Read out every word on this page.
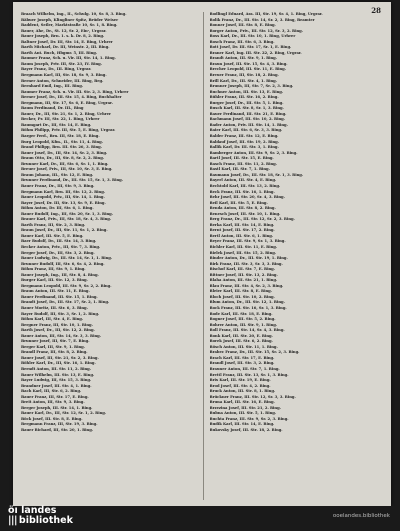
28
Braach Wilhelm, Ing., II., Schulg. 10, Sr. 8, 3. Ring.
Bäbuer Joseph, Klingliner Spitz, Brüder Weiser
Baddent, Seiler, Marktstraße 10, Sr. 1, 8. Ring.
Bauer, Ahe, Dr., St. 12, Sr. 2, Ein-, Urgrar.
Bauer Joseph, Brn. 1. s. k. Dr. 8, 2. Ring.
Baltner Josef, Dr. III, Str. 14, E. Ring, Urhrer
Barth Michael, Dr. III, Weinstr. 2, III. Ring.
Barth Ant. Buch, Hbgmr. 5, III. Ring.
Baumer Franz, Sch. u. Vir. III, Str. 14, 1. Ring.
Baum Joseph, Priv. III, Str. 23, IV. Ring.
Bayer Franz, Dr., III. Ring, Urgrar.
Bergmann Karl, III, Str. 18, Sr. 9, 3. Ring.
Berner Anton, Schneider, III. Ring, Beg.
Bernhard Emil, Ing., III. Ring.
Baumer Franz, Sch. u. Vir. III. Str. 2, 3. Ring, Urhrer
Berner Josef, Dr., III. Str. 15, 4. Ring, Buchhalter
Bergmann, III, Str. 17, Sr. 6, E. Ring, Urgrar.
Baum Ferdinand, Dr. III., Ring
Bauer, Dr., III, Str. 21, Sr. 1, 2. Ring, Urhrer
Becker, Pr. III, Str. 22, 1. Ring, Urhrer
Baumgart Dr., III, Str. 14, E. Ring.
Böhm Philipp, Priv. III, Str. 5, E. Ring, Urgrar.
Barger Ferd., Brn. III, Str. 18, E. Ring.
Burg Leopold, Kfm., II., Str. 11, 4. Ring.
Brand Philipp, Brn. III. Str. 26, 3. Ring.
Bauer Josef, Dr., III, Str. 14, Sr. 2, 3. Ring.
Braun Otto, Dr., III, Str. 8, Sr. 2, 2. Ring.
Brunner Karl, Dr., III, Str. 6, Sr. 1, 1. Ring.
Breuer Josef, Priv., III, Str. 10, Sr. 3, E. Ring.
Braun Johann, III., Str. 12, E. Ring.
Brunner Ferdinand, Dr., III. Str. 15, Sr. 1, 3. Ring.
Bauer Franz, Dr., III, Str. 9, 3. Ring.
Bergmann Karl, Brn. III, Str. 12, 2. Ring.
Bauer Leopold, Priv., III, Str. 14, 1. Ring.
Bayer Josef, Dr. III, Str. 13, Sr. 9, E. Ring.
Böhm Anton, Dr. III, Str. 6, 1. Ring.
Bauer Rudolf, Ing., III, Str. 20, Sr. 1, 3. Ring.
Brauer Karl, Priv., III, Str. 18, Sr. 4, 3. Ring.
Barth Franz, III, Str. 2, 3. Ring.
Braun Josef, Dr., III, Str. 11, Sr. 1, 2. Ring.
Bauer Karl, III. Str. 5, E. Ring.
Baer Rudolf, Dr., III. Str. 14, 3. Ring.
Becker Anton, Priv., III, Str. 7, 3. Ring.
Berger Josef, Dr., III, Str. 3, 2. Ring.
Bauer Ludwig, Dr., III. Str. 14, Sr. 1, 1. Ring.
Brunner Rudolf, III, Str. 6, Sr. 4, 2. Ring.
Böhm Franz, III, Str. 9, 1. Ring.
Bauer Joseph, Ing., III, Str. 8, 4. Ring.
Burger Karl, III. Str. 12, 3. Ring.
Bergmann Leopold, III. Str. 9, Sr. 2, 2. Ring.
Braun Anton, III. Str. 11, E. Ring.
Bauer Ferdinand, III. Str. 15, 1. Ring.
Brandt Josef, Dr., III. Str. 17, Sr. 2, 1. Ring.
Bauer Moritz, III. Str. 6, 3. Ring.
Bayer Rudolf, III, Str. 3, Sr. 1, 2. Ring.
Böhm Karl, III, Str. 4, E. Ring.
Bergner Franz, III, Str. 10, 1. Ring.
Barth Josef, Dr., III, Str. 12, 2. Ring.
Bauer Anton, III, Str. 14, Sr. 3, 3. Ring.
Brunner Josef, III, Str. 7, E. Ring.
Berger Karl, III, Str. 9, 1. Ring.
Brandl Franz, III, Str. 8, 2. Ring.
Bauer Josef, III, Str. 21, Sr. 2, 3. Ring.
Böhler Karl, Dr., III, Str. 16, 1. Ring.
Berndt Anton, III. Str. 11, 2. Ring.
Bauer Wilhelm, III. Str. 13, E. Ring.
Bayer Ludwig, III, Str. 15, 3. Ring.
Brandner Josef, III. Str. 4, 1. Ring.
Bach Karl, III, Str. 6, 2. Ring.
Bauer Franz, III, Str. 17, E. Ring.
Breit Anton, III, Str. 9, 3. Ring.
Berger Joseph, III. Str. 14, 1. Ring.
Bauer Karl, Dr., III, Str. 12, Sr. 1, 2. Ring.
Böck Josef, III. Str. 8, E. Ring.
Bergmann Franz, III, Str. 19, 3. Ring.
Bauer Richard, III, Str. 20, 1. Ring.
Bodlingl Eduard, Ass. III, Str. 19, Sr. 4, 1. Ring, Urgrar.
Bolik Franz, Dr., III. Str. 14, Sr. 2, 3. Ring, Beamter
Bonner Josef, III. Str. 8, E. Ring.
Borger Anton, Priv., III. Str. 12, Sr. 3, 2. Ring.
Boss Karl, Dr., III. Str. 10, 1. Ring, Urhrer
Bosch Franz, III. Str. 6, 3. Ring.
Bott Josef, Dr. III. Str. 17, Sr. 1, E. Ring.
Braner Karl, Ing. III. Str. 22, 2. Ring, Urgrar.
Brandt Anton, III. Str. 9, 1. Ring.
Braun Josef, III. Str. 15, Sr. 4, 3. Ring.
Brecher Leopold, III. Str. 11, E. Ring.
Breuer Franz, III, Str. 18, 2. Ring.
Brill Karl, Dr., III. Str. 4, 1. Ring.
Brunner Joseph, III, Str. 7, Sr. 2, 3. Ring.
Buchner Anton, III. Str. 13, E. Ring.
Bühler Franz, III. Str. 16, 2. Ring.
Burger Josef, Dr., III. Str. 5, 1. Ring.
Busch Karl, III. Str. 8, Sr. 1, 3. Ring.
Bauer Ferdinand, III. Str. 21, E. Ring.
Bachmann Josef, III. Str. 10, 2. Ring.
Bader Anton, Priv. III. Str. 14, 1. Ring.
Baier Karl, III. Str. 6, Sr. 3, 3. Ring.
Balder Franz, III. Str. 12, E. Ring.
Baldauf Josef, III. Str. 19, 2. Ring.
Ballik Karl, Dr. III. Str. 3, 1. Ring.
Bamberger Anton, III. Str. 9, Sr. 2, 3. Ring.
Bartl Josef, III. Str. 15, E. Ring.
Basch Franz, III. Str. 11, 2. Ring.
Bastl Karl, III. Str. 7, 1. Ring.
Baumann Josef, Dr., III. Str. 18, Sr. 1, 3. Ring.
Bayerl Anton, III. Str. 4, E. Ring.
Bechtold Karl, III. Str. 13, 2. Ring.
Beck Franz, III. Str. 16, 1. Ring.
Behr Josef, III. Str. 20, Sr. 4, 3. Ring.
Beil Karl, III. Str. 5, E. Ring.
Benda Anton, III. Str. 8, 2. Ring.
Benesch Josef, III. Str. 10, 1. Ring.
Berg Franz, Dr., III. Str. 12, Sr. 2, 3. Ring.
Berka Karl, III. Str. 14, E. Ring.
Bernt Josef, III. Str. 17, 2. Ring.
Bertl Anton, III. Str. 6, 1. Ring.
Beyer Franz, III. Str. 9, Sr. 1, 3. Ring.
Bichler Karl, III. Str. 11, E. Ring.
Bielek Josef, III. Str. 15, 2. Ring.
Binder Anton, Dr., III. Str. 19, 1. Ring.
Birk Franz, III. Str. 3, Sr. 3, 3. Ring.
Bischof Karl, III. Str. 7, E. Ring.
Bittner Josef, III. Str. 13, 2. Ring.
Blaha Anton, III. Str. 21, 1. Ring.
Blau Franz, III. Str. 4, Sr. 2, 3. Ring.
Bleier Karl, III. Str. 8, E. Ring.
Bloch Josef, III. Str. 10, 2. Ring.
Blum Anton, Dr., III. Str. 12, 1. Ring.
Bock Franz, III. Str. 16, Sr. 1, 3. Ring.
Bode Karl, III. Str. 18, E. Ring.
Bogner Josef, III. Str. 5, 2. Ring.
Bohrer Anton, III. Str. 9, 1. Ring.
Boll Franz, III. Str. 14, Sr. 4, 3. Ring.
Bonk Karl, III. Str. 20, E. Ring.
Borek Josef, III. Str. 6, 2. Ring.
Bösch Anton, III. Str. 11, 1. Ring.
Brabec Franz, Dr., III. Str. 15, Sr. 2, 3. Ring.
Brach Karl, III. Str. 17, E. Ring.
Brandl Josef, III. Str. 3, 2. Ring.
Brauner Anton, III. Str. 7, 1. Ring.
Brettl Franz, III. Str. 13, Sr. 1, 3. Ring.
Brix Karl, III. Str. 19, E. Ring.
Brod Josef, III. Str. 4, 2. Ring.
Bruck Anton, III. Str. 8, 1. Ring.
Brückner Franz, III. Str. 12, Sr. 3, 3. Ring.
Bruna Karl, III. Str. 16, E. Ring.
Brzezina Josef, III. Str. 21, 2. Ring.
Bubna Anton, III. Str. 5, 1. Ring.
Buchta Franz, III. Str. 9, Sr. 2, 3. Ring.
Budik Karl, III. Str. 14, E. Ring.
Bukovsky Josef, III. Str. 18, 2. Ring.
öı landes
||| bibliothek	ooelandes.bibliothek
